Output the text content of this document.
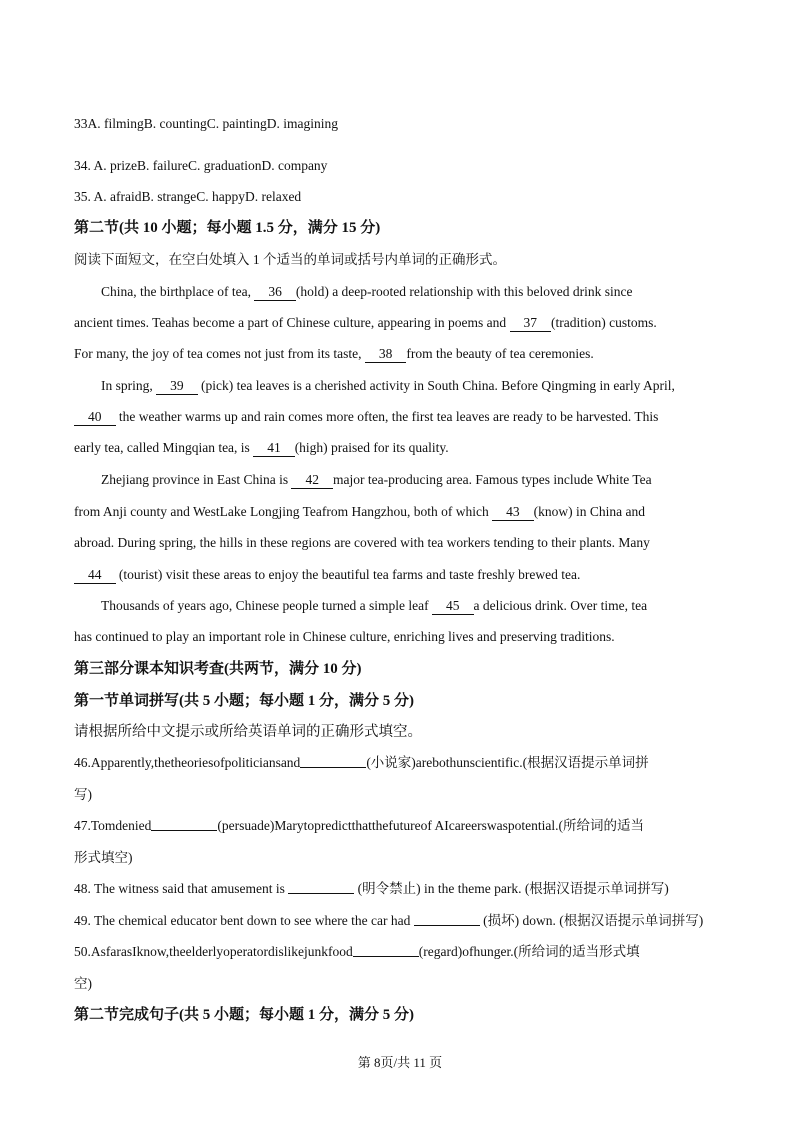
33A. filmingB. countingC. paintingD. imagining
34. A. prizeB. failureC. graduationD. company
35. A. afraidB. strangeC. happyD. relaxed
第二节(共 10 小题；每小题 1.5 分，满分 15 分)
阅读下面短文，在空白处填入 1 个适当的单词或括号内单词的正确形式。
China, the birthplace of tea, 36 (hold) a deep-rooted relationship with this beloved drink since
ancient times. Teahas become a part of Chinese culture, appearing in poems and 37 (tradition) customs.
For many, the joy of tea comes not just from its taste, 38 from the beauty of tea ceremonies.
In spring, 39 (pick) tea leaves is a cherished activity in South China. Before Qingming in early April,
40 the weather warms up and rain comes more often, the first tea leaves are ready to be harvested. This
early tea, called Mingqian tea, is 41 (high) praised for its quality.
Zhejiang province in East China is 42 major tea-producing area. Famous types include White Tea
from Anji county and WestLake Longjing Teafrom Hangzhou, both of which 43 (know) in China and
abroad. During spring, the hills in these regions are covered with tea workers tending to their plants. Many
44 (tourist) visit these areas to enjoy the beautiful tea farms and taste freshly brewed tea.
Thousands of years ago, Chinese people turned a simple leaf 45 a delicious drink. Over time, tea
has continued to play an important role in Chinese culture, enriching lives and preserving traditions.
第三部分课本知识考查(共两节，满分 10 分)
第一节单词拼写(共 5 小题；每小题 1 分，满分 5 分)
请根据所给中文提示或所给英语单词的正确形式填空。
46.Apparently,thetheoriesofpoliticiansand	(小说家)arebothunscientific.(根据汉语提示单词拼
写)
47.Tomdenied	(persuade)Marytopredictthatthefutureof AIcareerswaspotential.(所给词的适当
形式填空)
48. The witness said that amusement is	(明令禁止) in the theme park. (根据汉语提示单词拼写)
49. The chemical educator bent down to see where the car had	(损坏) down. (根据汉语提示单词拼写)
50.AsfarasIknow,theelderlyoperatordislikejunkfood	(regard)ofhunger.(所给词的适当形式填
空)
第二节完成句子(共 5 小题；每小题 1 分，满分 5 分)
第 8页/共 11 页
